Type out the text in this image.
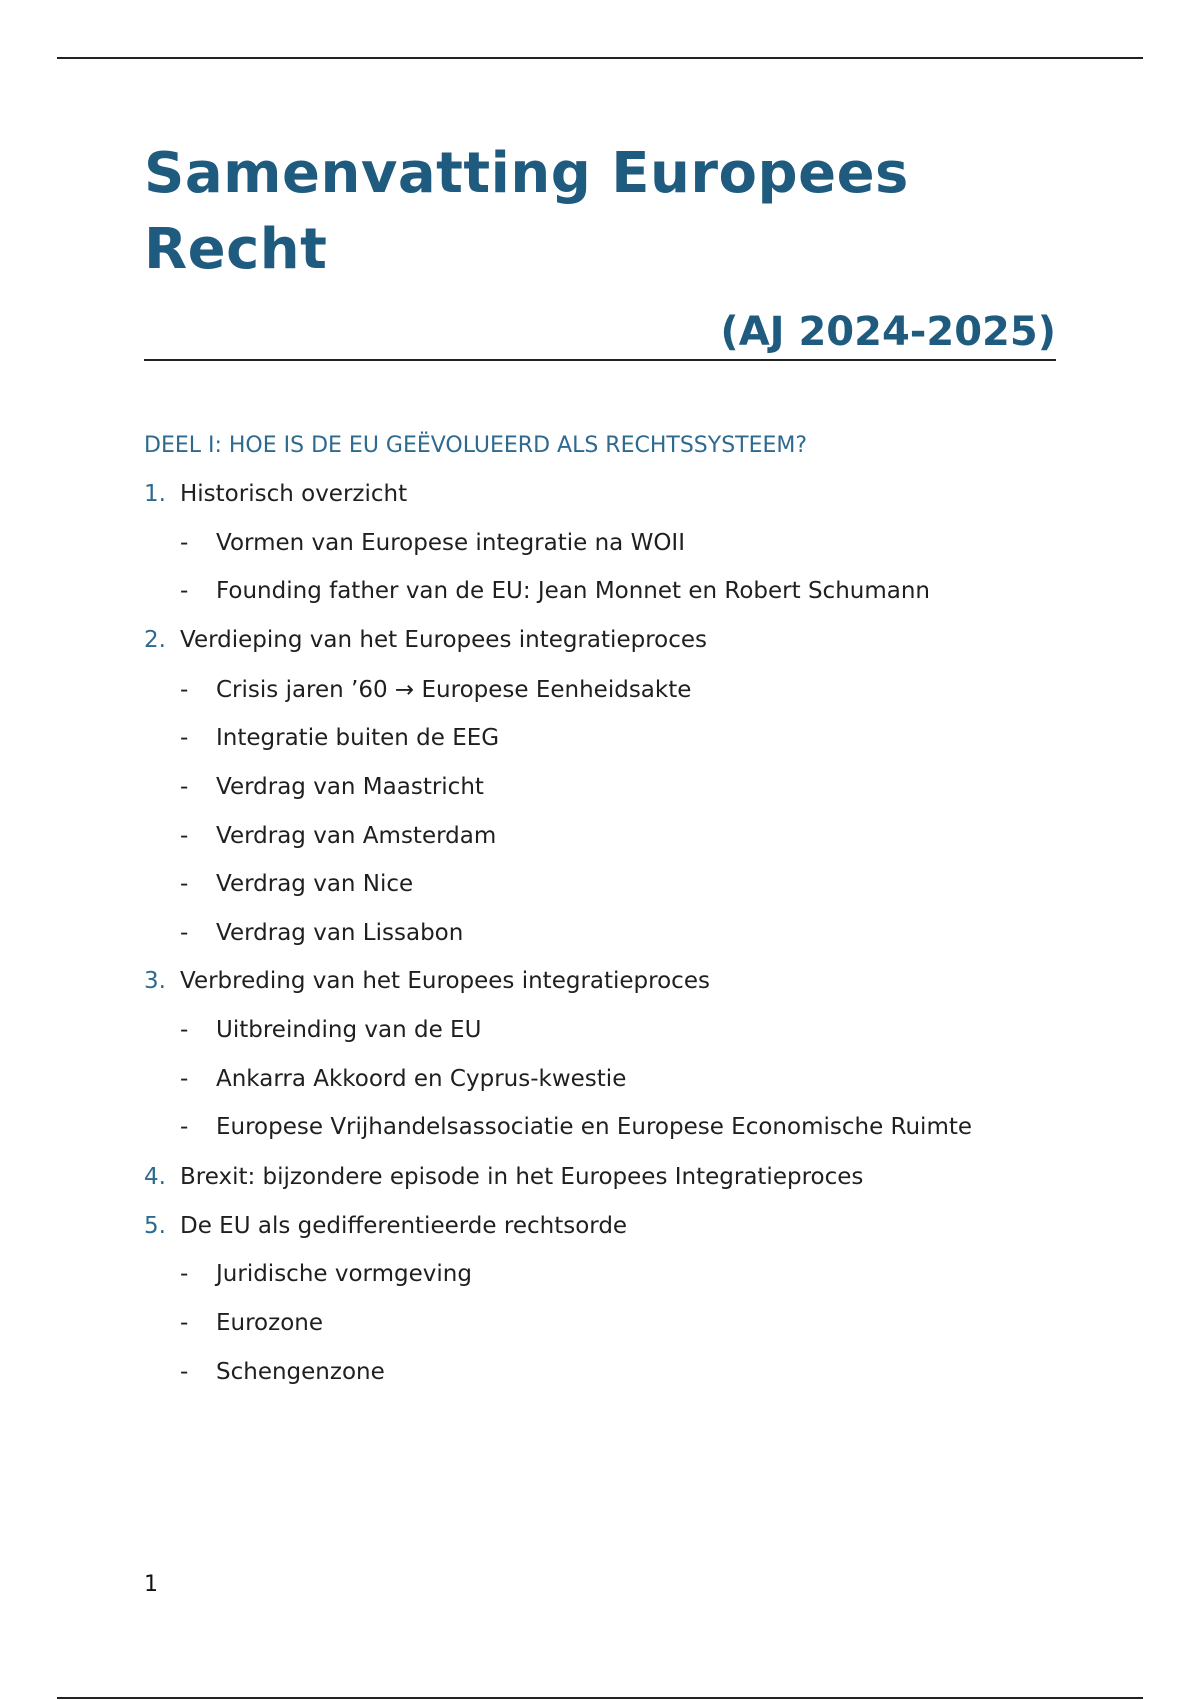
Samenvatting Europees Recht
(AJ 2024-2025)
DEEL I: HOE IS DE EU GEËVOLUEERD ALS RECHTSSYSTEEM?
1. Historisch overzicht
- Vormen van Europese integratie na WOII
- Founding father van de EU: Jean Monnet en Robert Schumann
2. Verdieping van het Europees integratieproces
- Crisis jaren ’60 → Europese Eenheidsakte
- Integratie buiten de EEG
- Verdrag van Maastricht
- Verdrag van Amsterdam
- Verdrag van Nice
- Verdrag van Lissabon
3. Verbreding van het Europees integratieproces
- Uitbreinding van de EU
- Ankarra Akkoord en Cyprus-kwestie
- Europese Vrijhandelsassociatie en Europese Economische Ruimte
4. Brexit: bijzondere episode in het Europees Integratieproces
5. De EU als gedifferentieerde rechtsorde
- Juridische vormgeving
- Eurozone
- Schengenzone
1
